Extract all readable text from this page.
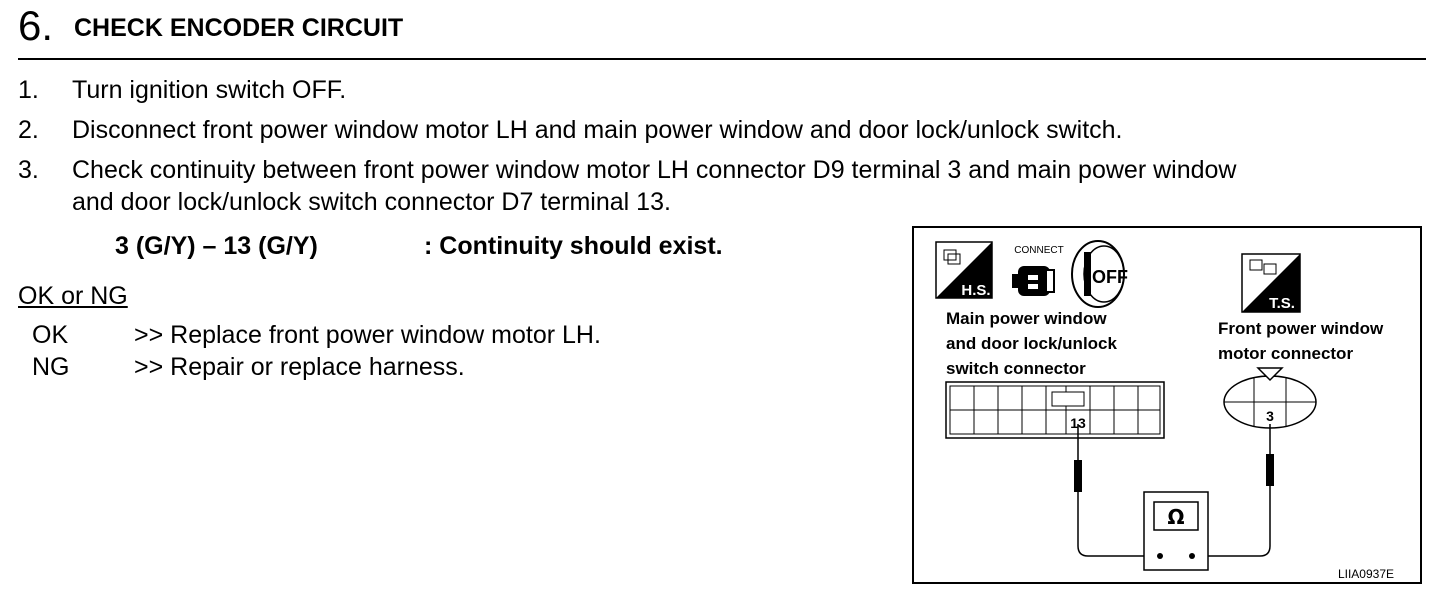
6. CHECK ENCODER CIRCUIT
1. Turn ignition switch OFF.
2. Disconnect front power window motor LH and main power window and door lock/unlock switch.
3. Check continuity between front power window motor LH connector D9 terminal 3 and main power window
and door lock/unlock switch connector D7 terminal 13.
3 (G/Y) – 13 (G/Y)	: Continuity should exist.
OK or NG
OK	>> Replace front power window motor LH.
NG	>> Repair or replace harness.
H.S.
CONNECT
OFF
T.S.
13	3
Ω
LIIA0937E
Main power window
and door lock/unlock
switch connector
Front power window
motor connector
